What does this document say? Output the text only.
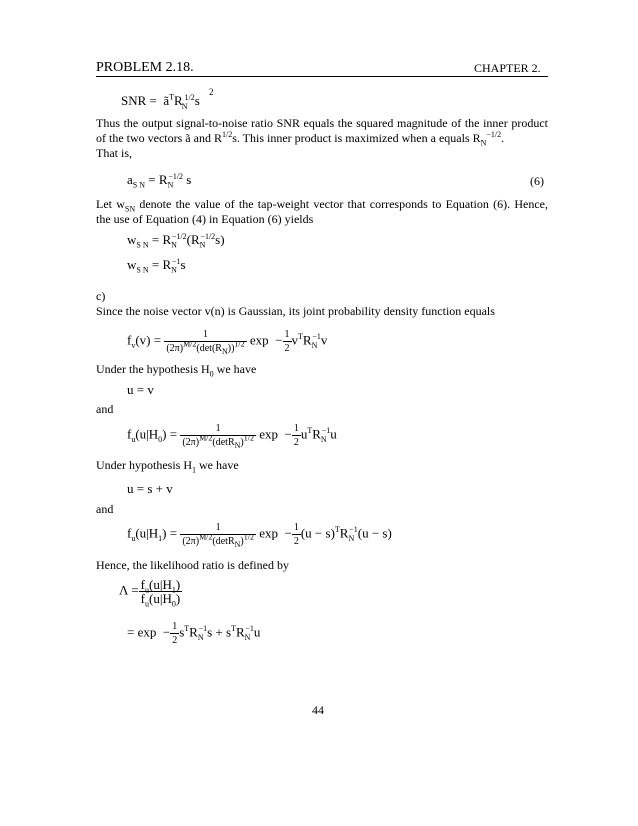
PROBLEM 2.18.	CHAPTER 2.
SNR =  $ã^TR_N^{1/2}s$ $^2$
Thus the output signal-to-noise ratio SNR equals the squared magnitude of the inner product of the two vectors ã and $R^{1/2}s$. This inner product is maximized when a equals $R_N^{-1/2}$.
That is,
$a_{S N} = R_N^{-1/2}$ s	(6)
Let $w_{SN}$ denote the value of the tap-weight vector that corresponds to Equation (6). Hence, the use of Equation (4) in Equation (6) yields
$w_{S N} = R_N^{-1/2}(R_N^{-1/2}s)$
$w_{S N} = R_N^{-1}s$
c)
Since the noise vector v(n) is Gaussian, its joint probability density function equals
$f_v(v) = \frac{1}{(2\pi)^{M/2}(\det(R_N))^{1/2}}$ $\exp - \frac{1}{2} v^TR_N^{-1}v$
Under the hypothesis $H_0$ we have
u = v
and
$f_u(u|H_0) = \frac{1}{(2\pi)^{M/2}(\det R_N)^{1/2}}$ $\exp - \frac{1}{2} u^TR_N^{-1}u$
Under hypothesis $H_1$ we have
u = s + v
and
$f_u(u|H_1) = \frac{1}{(2\pi)^{M/2}(\det R_N)^{1/2}}$ $\exp - \frac{1}{2} (u - s)^TR_N^{-1}(u - s)$
Hence, the likelihood ratio is defined by
$\Lambda = \frac{f_u(u|H_1)}{f_u(u|H_0)}$
= $\exp - \frac{1}{2} s^TR_N^{-1}s + s^TR_N^{-1}u$
44
